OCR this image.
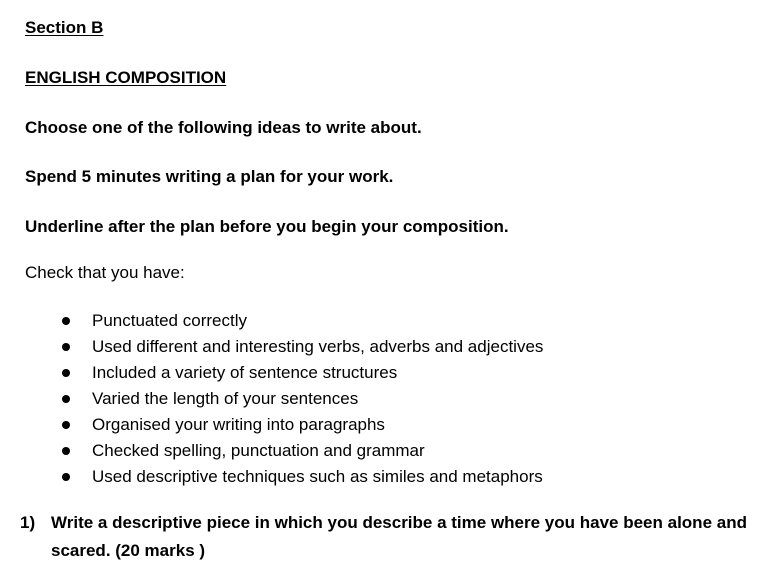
Section B
ENGLISH COMPOSITION
Choose one of the following ideas to write about.
Spend 5 minutes writing a plan for your work.
Underline after the plan before you begin your composition.
Check that you have:
Punctuated correctly
Used different and interesting verbs, adverbs and adjectives
Included a variety of sentence structures
Varied the length of your sentences
Organised your writing into paragraphs
Checked spelling, punctuation and grammar
Used descriptive techniques such as similes and metaphors
1) Write a descriptive piece in which you describe a time where you have been alone and scared. (20 marks )
